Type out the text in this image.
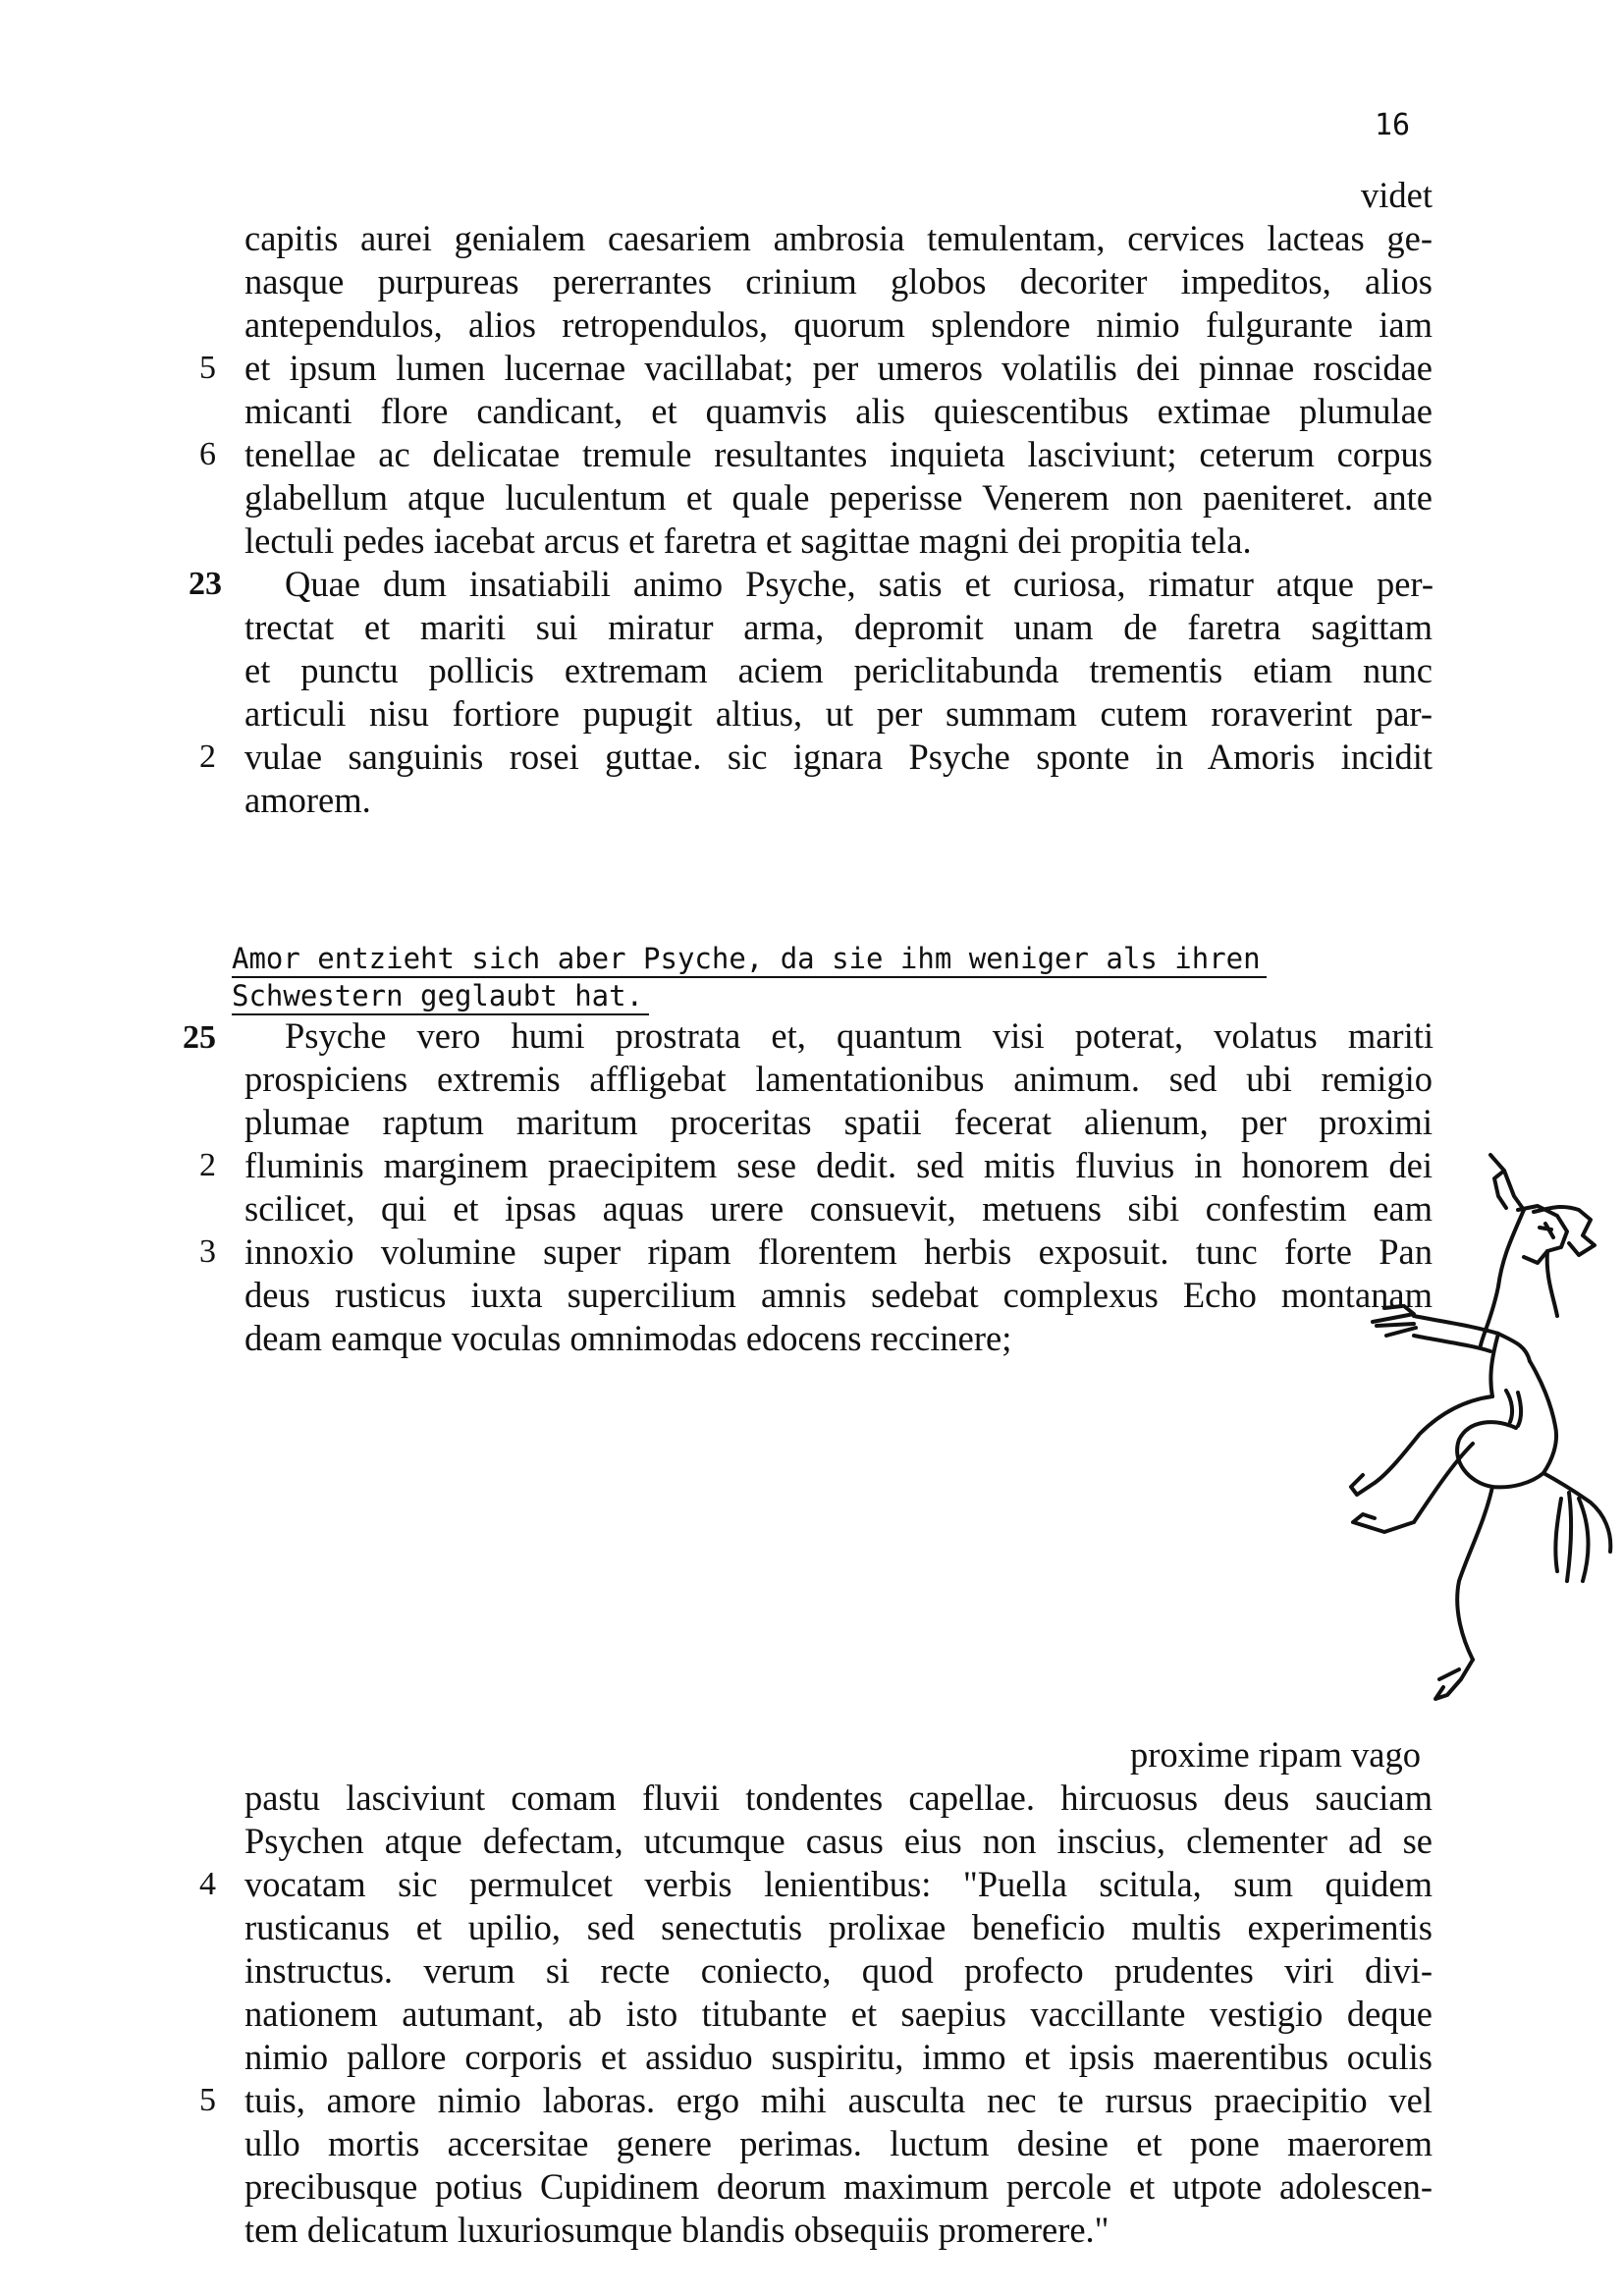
16
videt
capitis aurei genialem caesariem ambrosia temulentam, cervices lacteas ge-
nasque purpureas pererrantes crinium globos decoriter impeditos, alios
antependulos, alios retropendulos, quorum splendore nimio fulgurante iam
et ipsum lumen lucernae vacillabat; per umeros volatilis dei pinnae roscidae
micanti flore candicant, et quamvis alis quiescentibus extimae plumulae
tenellae ac delicatae tremule resultantes inquieta lasciviunt; ceterum corpus
glabellum atque luculentum et quale peperisse Venerem non paeniteret. ante
lectuli pedes iacebat arcus et faretra et sagittae magni dei propitia tela.
Quae dum insatiabili animo Psyche, satis et curiosa, rimatur atque per-
trectat et mariti sui miratur arma, depromit unam de faretra sagittam
et punctu pollicis extremam aciem periclitabunda trementis etiam nunc
articuli nisu fortiore pupugit altius, ut per summam cutem roraverint par-
vulae sanguinis rosei guttae. sic ignara Psyche sponte in Amoris incidit
amorem.
5
6
23
2
Amor entzieht sich aber Psyche, da sie ihm weniger als ihren
Schwestern geglaubt hat.
Psyche vero humi prostrata et, quantum visi poterat, volatus mariti
prospiciens extremis affligebat lamentationibus animum. sed ubi remigio
plumae raptum maritum proceritas spatii fecerat alienum, per proximi
fluminis marginem praecipitem sese dedit. sed mitis fluvius in honorem dei
scilicet, qui et ipsas aquas urere consuevit, metuens sibi confestim eam
innoxio volumine super ripam florentem herbis exposuit. tunc forte Pan
deus rusticus iuxta supercilium amnis sedebat complexus Echo montanam
deam eamque voculas omnimodas edocens reccinere;
25
2
3
proxime ripam vago
pastu lasciviunt comam fluvii tondentes capellae. hircuosus deus sauciam
Psychen atque defectam, utcumque casus eius non inscius, clementer ad se
vocatam sic permulcet verbis lenientibus: "Puella scitula, sum quidem
rusticanus et upilio, sed senectutis prolixae beneficio multis experimentis
instructus. verum si recte coniecto, quod profecto prudentes viri divi-
nationem autumant, ab isto titubante et saepius vaccillante vestigio deque
nimio pallore corporis et assiduo suspiritu, immo et ipsis maerentibus oculis
tuis, amore nimio laboras. ergo mihi ausculta nec te rursus praecipitio vel
ullo mortis accersitae genere perimas. luctum desine et pone maerorem
precibusque potius Cupidinem deorum maximum percole et utpote adolescen-
tem delicatum luxuriosumque blandis obsequiis promerere."
4
5
